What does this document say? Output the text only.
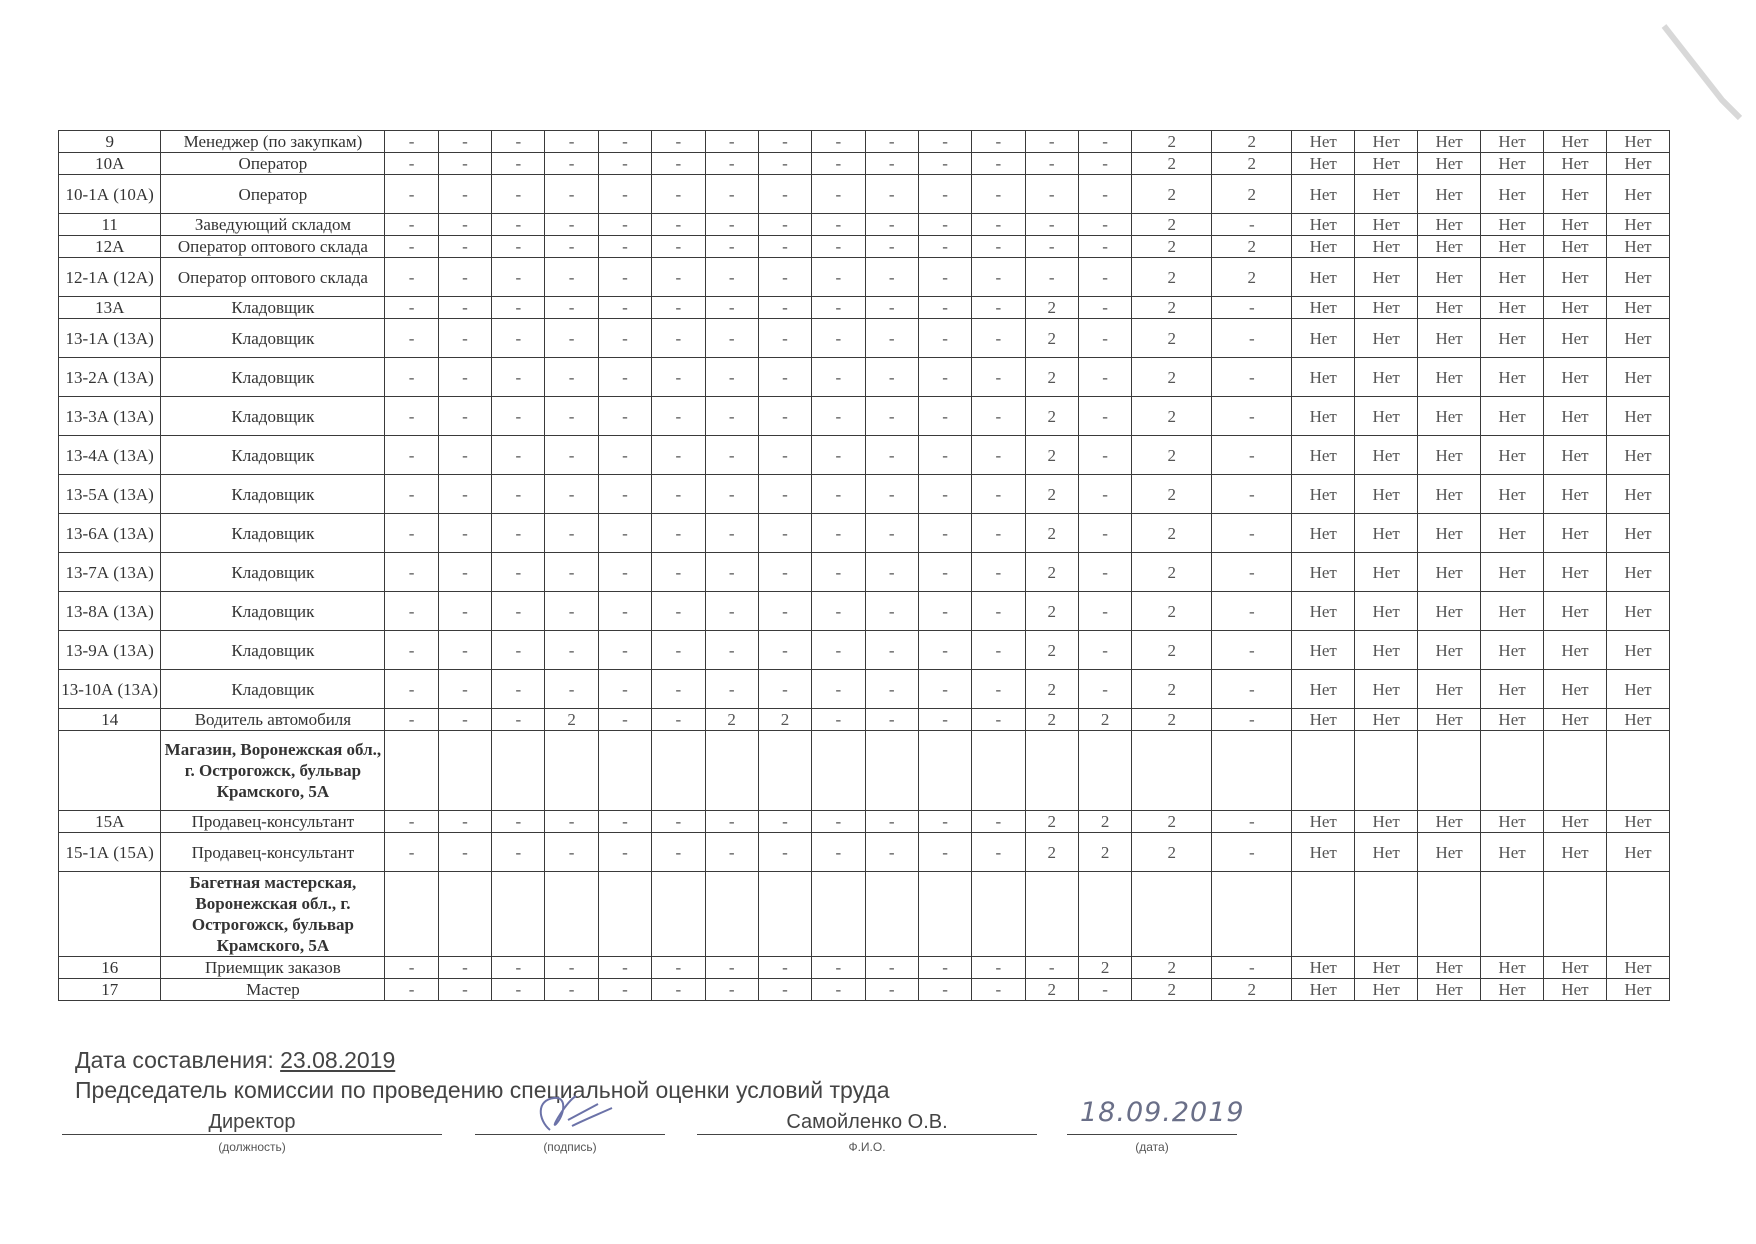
9	Менеджер (по закупкам)	-	-	-	-	-	-	-	-	-	-	-	-	-	-	2	2	Нет	Нет	Нет	Нет	Нет	Нет
10А	Оператор	-	-	-	-	-	-	-	-	-	-	-	-	-	-	2	2	Нет	Нет	Нет	Нет	Нет	Нет
10-1А (10А)	Оператор	-	-	-	-	-	-	-	-	-	-	-	-	-	-	2	2	Нет	Нет	Нет	Нет	Нет	Нет
11	Заведующий складом	-	-	-	-	-	-	-	-	-	-	-	-	-	-	2	-	Нет	Нет	Нет	Нет	Нет	Нет
12А	Оператор оптового склада	-	-	-	-	-	-	-	-	-	-	-	-	-	-	2	2	Нет	Нет	Нет	Нет	Нет	Нет
12-1А (12А)	Оператор оптового склада	-	-	-	-	-	-	-	-	-	-	-	-	-	-	2	2	Нет	Нет	Нет	Нет	Нет	Нет
13А	Кладовщик	-	-	-	-	-	-	-	-	-	-	-	-	2	-	2	-	Нет	Нет	Нет	Нет	Нет	Нет
13-1А (13А)	Кладовщик	-	-	-	-	-	-	-	-	-	-	-	-	2	-	2	-	Нет	Нет	Нет	Нет	Нет	Нет
13-2А (13А)	Кладовщик	-	-	-	-	-	-	-	-	-	-	-	-	2	-	2	-	Нет	Нет	Нет	Нет	Нет	Нет
13-3А (13А)	Кладовщик	-	-	-	-	-	-	-	-	-	-	-	-	2	-	2	-	Нет	Нет	Нет	Нет	Нет	Нет
13-4А (13А)	Кладовщик	-	-	-	-	-	-	-	-	-	-	-	-	2	-	2	-	Нет	Нет	Нет	Нет	Нет	Нет
13-5А (13А)	Кладовщик	-	-	-	-	-	-	-	-	-	-	-	-	2	-	2	-	Нет	Нет	Нет	Нет	Нет	Нет
13-6А (13А)	Кладовщик	-	-	-	-	-	-	-	-	-	-	-	-	2	-	2	-	Нет	Нет	Нет	Нет	Нет	Нет
13-7А (13А)	Кладовщик	-	-	-	-	-	-	-	-	-	-	-	-	2	-	2	-	Нет	Нет	Нет	Нет	Нет	Нет
13-8А (13А)	Кладовщик	-	-	-	-	-	-	-	-	-	-	-	-	2	-	2	-	Нет	Нет	Нет	Нет	Нет	Нет
13-9А (13А)	Кладовщик	-	-	-	-	-	-	-	-	-	-	-	-	2	-	2	-	Нет	Нет	Нет	Нет	Нет	Нет
13-10А (13А)	Кладовщик	-	-	-	-	-	-	-	-	-	-	-	-	2	-	2	-	Нет	Нет	Нет	Нет	Нет	Нет
14	Водитель автомобиля	-	-	-	2	-	-	2	2	-	-	-	-	2	2	2	-	Нет	Нет	Нет	Нет	Нет	Нет
	Магазин, Воронежская обл., г. Острогожск, бульвар Крамского, 5А																						
15А	Продавец-консультант	-	-	-	-	-	-	-	-	-	-	-	-	2	2	2	-	Нет	Нет	Нет	Нет	Нет	Нет
15-1А (15А)	Продавец-консультант	-	-	-	-	-	-	-	-	-	-	-	-	2	2	2	-	Нет	Нет	Нет	Нет	Нет	Нет
	Багетная мастерская, Воронежская обл., г. Острогожск, бульвар Крамского, 5А																						
16	Приемщик заказов	-	-	-	-	-	-	-	-	-	-	-	-	-	2	2	-	Нет	Нет	Нет	Нет	Нет	Нет
17	Мастер	-	-	-	-	-	-	-	-	-	-	-	-	2	-	2	2	Нет	Нет	Нет	Нет	Нет	Нет
Дата составления: 23.08.2019
Председатель комиссии по проведению специальной оценки условий труда
Директор
(должность)	(подпись)
Самойленко О.В.
Ф.И.О.	(дата)
18.09.2019
